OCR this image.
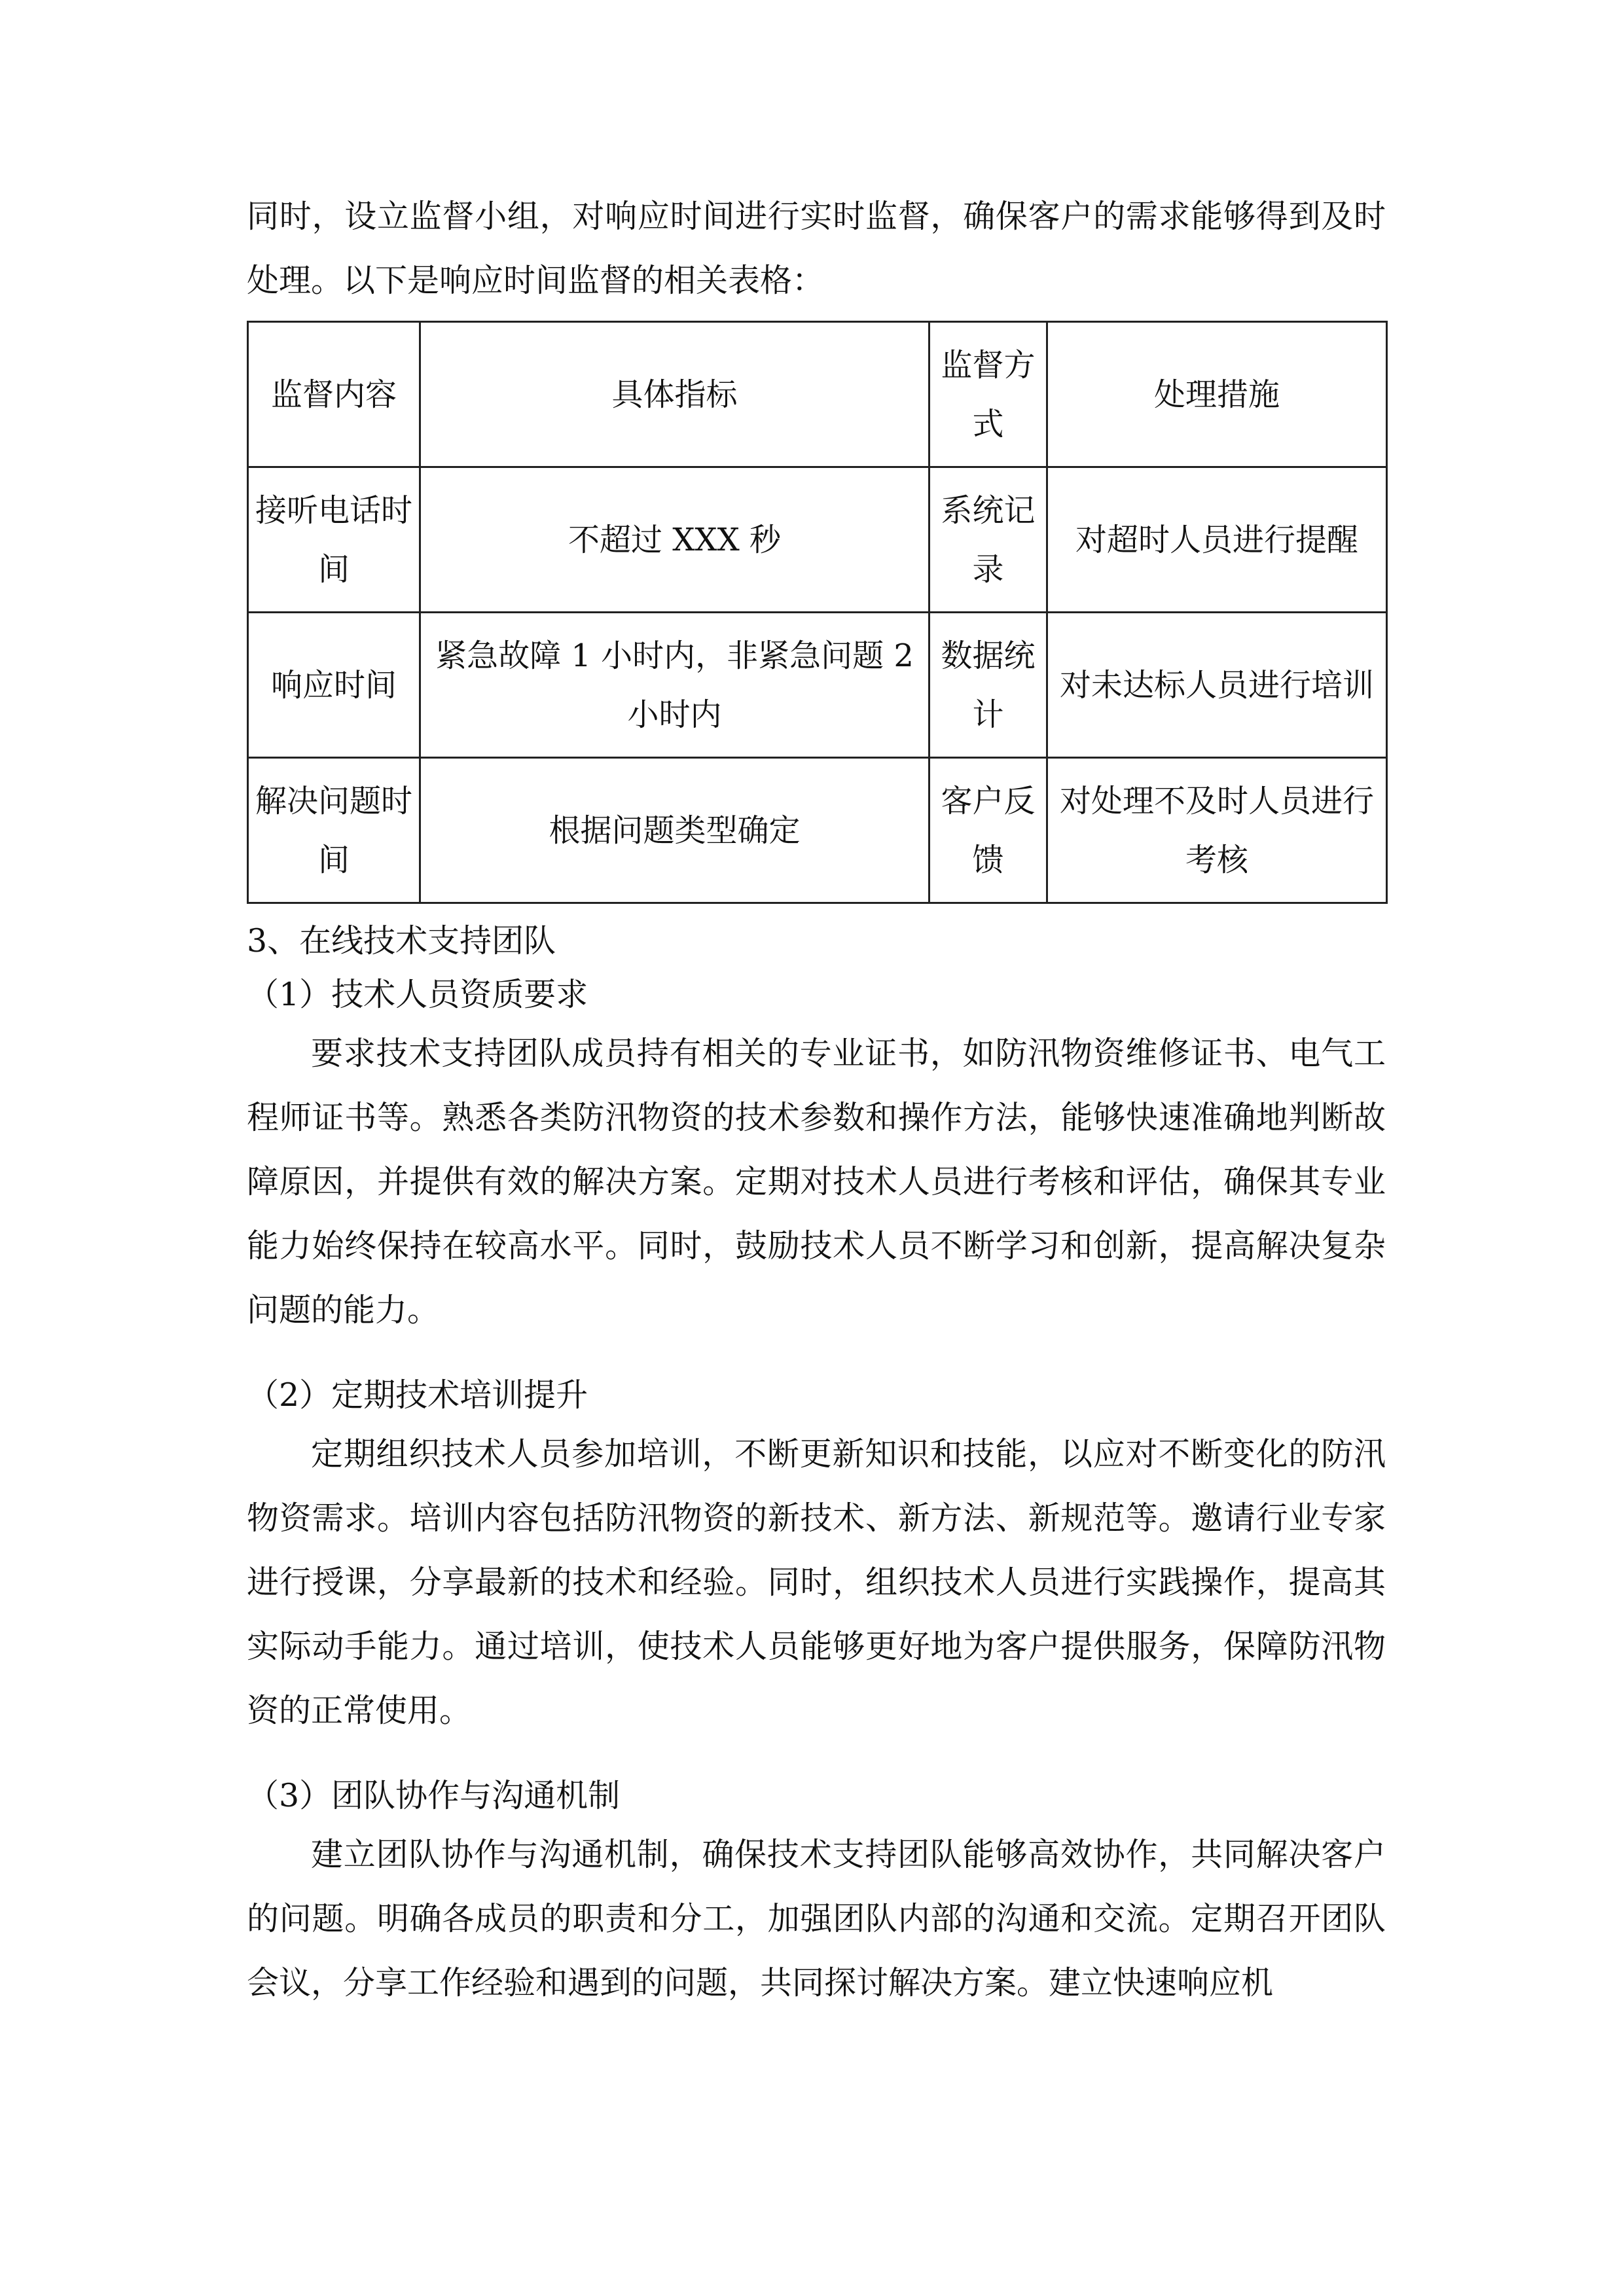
同时，设立监督小组，对响应时间进行实时监督，确保客户的需求能够得到及时处理。以下是响应时间监督的相关表格：

监督内容	具体指标	监督方式	处理措施
接听电话时间	不超过 XXX 秒	系统记录	对超时人员进行提醒
响应时间	紧急故障 1 小时内，非紧急问题 2 小时内	数据统计	对未达标人员进行培训
解决问题时间	根据问题类型确定	客户反馈	对处理不及时人员进行考核

3、在线技术支持团队

（1）技术人员资质要求

要求技术支持团队成员持有相关的专业证书，如防汛物资维修证书、电气工程师证书等。熟悉各类防汛物资的技术参数和操作方法，能够快速准确地判断故障原因，并提供有效的解决方案。定期对技术人员进行考核和评估，确保其专业能力始终保持在较高水平。同时，鼓励技术人员不断学习和创新，提高解决复杂问题的能力。

（2）定期技术培训提升

定期组织技术人员参加培训，不断更新知识和技能，以应对不断变化的防汛物资需求。培训内容包括防汛物资的新技术、新方法、新规范等。邀请行业专家进行授课，分享最新的技术和经验。同时，组织技术人员进行实践操作，提高其实际动手能力。通过培训，使技术人员能够更好地为客户提供服务，保障防汛物资的正常使用。

（3）团队协作与沟通机制

建立团队协作与沟通机制，确保技术支持团队能够高效协作，共同解决客户的问题。明确各成员的职责和分工，加强团队内部的沟通和交流。定期召开团队会议，分享工作经验和遇到的问题，共同探讨解决方案。建立快速响应机
